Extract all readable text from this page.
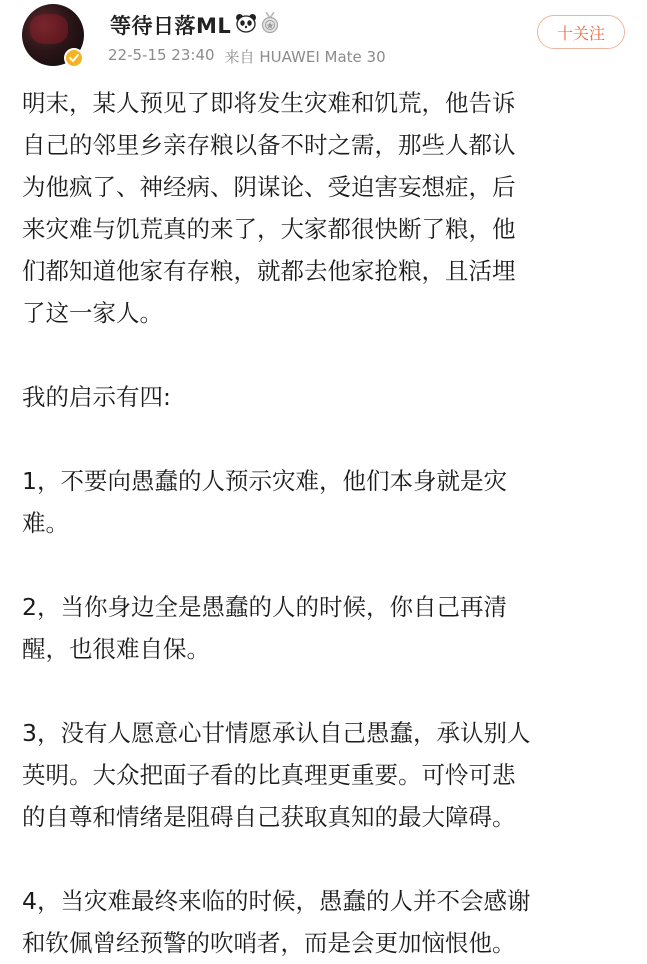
等待日落ML
22-5-15 23:40 来自 HUAWEI Mate 30
十关注

明末，某人预见了即将发生灾难和饥荒，他告诉

自己的邻里乡亲存粮以备不时之需，那些人都认

为他疯了、神经病、阴谋论、受迫害妄想症，后

来灾难与饥荒真的来了，大家都很快断了粮，他

们都知道他家有存粮，就都去他家抢粮，且活埋

了这一家人。

我的启示有四:

1，不要向愚蠢的人预示灾难，他们本身就是灾

难。

2，当你身边全是愚蠢的人的时候，你自己再清

醒，也很难自保。

3，没有人愿意心甘情愿承认自己愚蠢，承认别人

英明。大众把面子看的比真理更重要。可怜可悲

的自尊和情绪是阻碍自己获取真知的最大障碍。

4，当灾难最终来临的时候，愚蠢的人并不会感谢

和钦佩曾经预警的吹哨者，而是会更加恼恨他。
